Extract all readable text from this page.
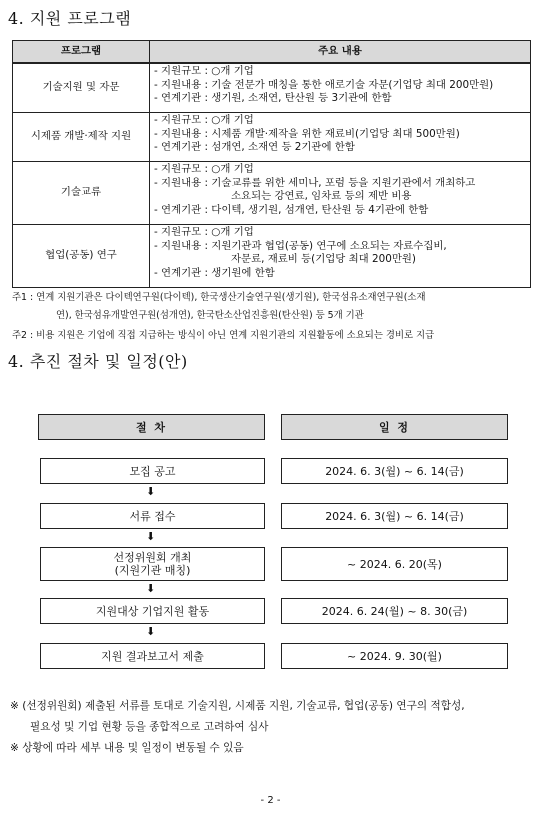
4. 지원 프로그램
프로그램	주요 내용
기술지원 및 자문	- 지원규모 : ○개 기업
- 지원내용 : 기술 전문가 매칭을 통한 애로기술 자문(기업당 최대 200만원)
- 연계기관 : 생기원, 소재연, 탄산원 등 3기관에 한함

시제품 개발·제작 지원	- 지원규모 : ○개 기업
- 지원내용 : 시제품 개발·제작을 위한 재료비(기업당 최대 500만원)
- 연계기관 : 섬개연, 소재연 등 2기관에 한함

기술교류	- 지원규모 : ○개 기업
- 지원내용 : 기술교류를 위한 세미나, 포럼 등을 지원기관에서 개최하고
소요되는 강연료, 임차료 등의 제반 비용
- 연계기관 : 다이텍, 생기원, 섬개연, 탄산원 등 4기관에 한함

협업(공동) 연구	- 지원규모 : ○개 기업
- 지원내용 : 지원기관과 협업(공동) 연구에 소요되는 자료수집비,
자문료, 재료비 등(기업당 최대 200만원)
- 연계기관 : 생기원에 한함
주1 : 연계 지원기관은 다이텍연구원(다이텍), 한국생산기술연구원(생기원), 한국섬유소재연구원(소재
연), 한국섬유개발연구원(섬개연), 한국탄소산업진흥원(탄산원) 등 5개 기관
주2 : 비용 지원은 기업에 직접 지급하는 방식이 아닌 연계 지원기관의 지원활동에 소요되는 경비로 지급
4. 추진 절차 및 일정(안)
절 차	일 정
모집 공고	2024. 6. 3(월) ~ 6. 14(금)
⬇
서류 접수	2024. 6. 3(월) ~ 6. 14(금)
⬇
선정위원회 개최
(지원기관 매칭)	~ 2024. 6. 20(목)
⬇
지원대상 기업지원 활동	2024. 6. 24(월) ~ 8. 30(금)
⬇
지원 결과보고서 제출	~ 2024. 9. 30(월)
※ (선정위원회) 제출된 서류를 토대로 기술지원, 시제품 지원, 기술교류, 협업(공동) 연구의 적합성,
필요성 및 기업 현황 등을 종합적으로 고려하여 심사
※ 상황에 따라 세부 내용 및 일정이 변동될 수 있음
- 2 -
